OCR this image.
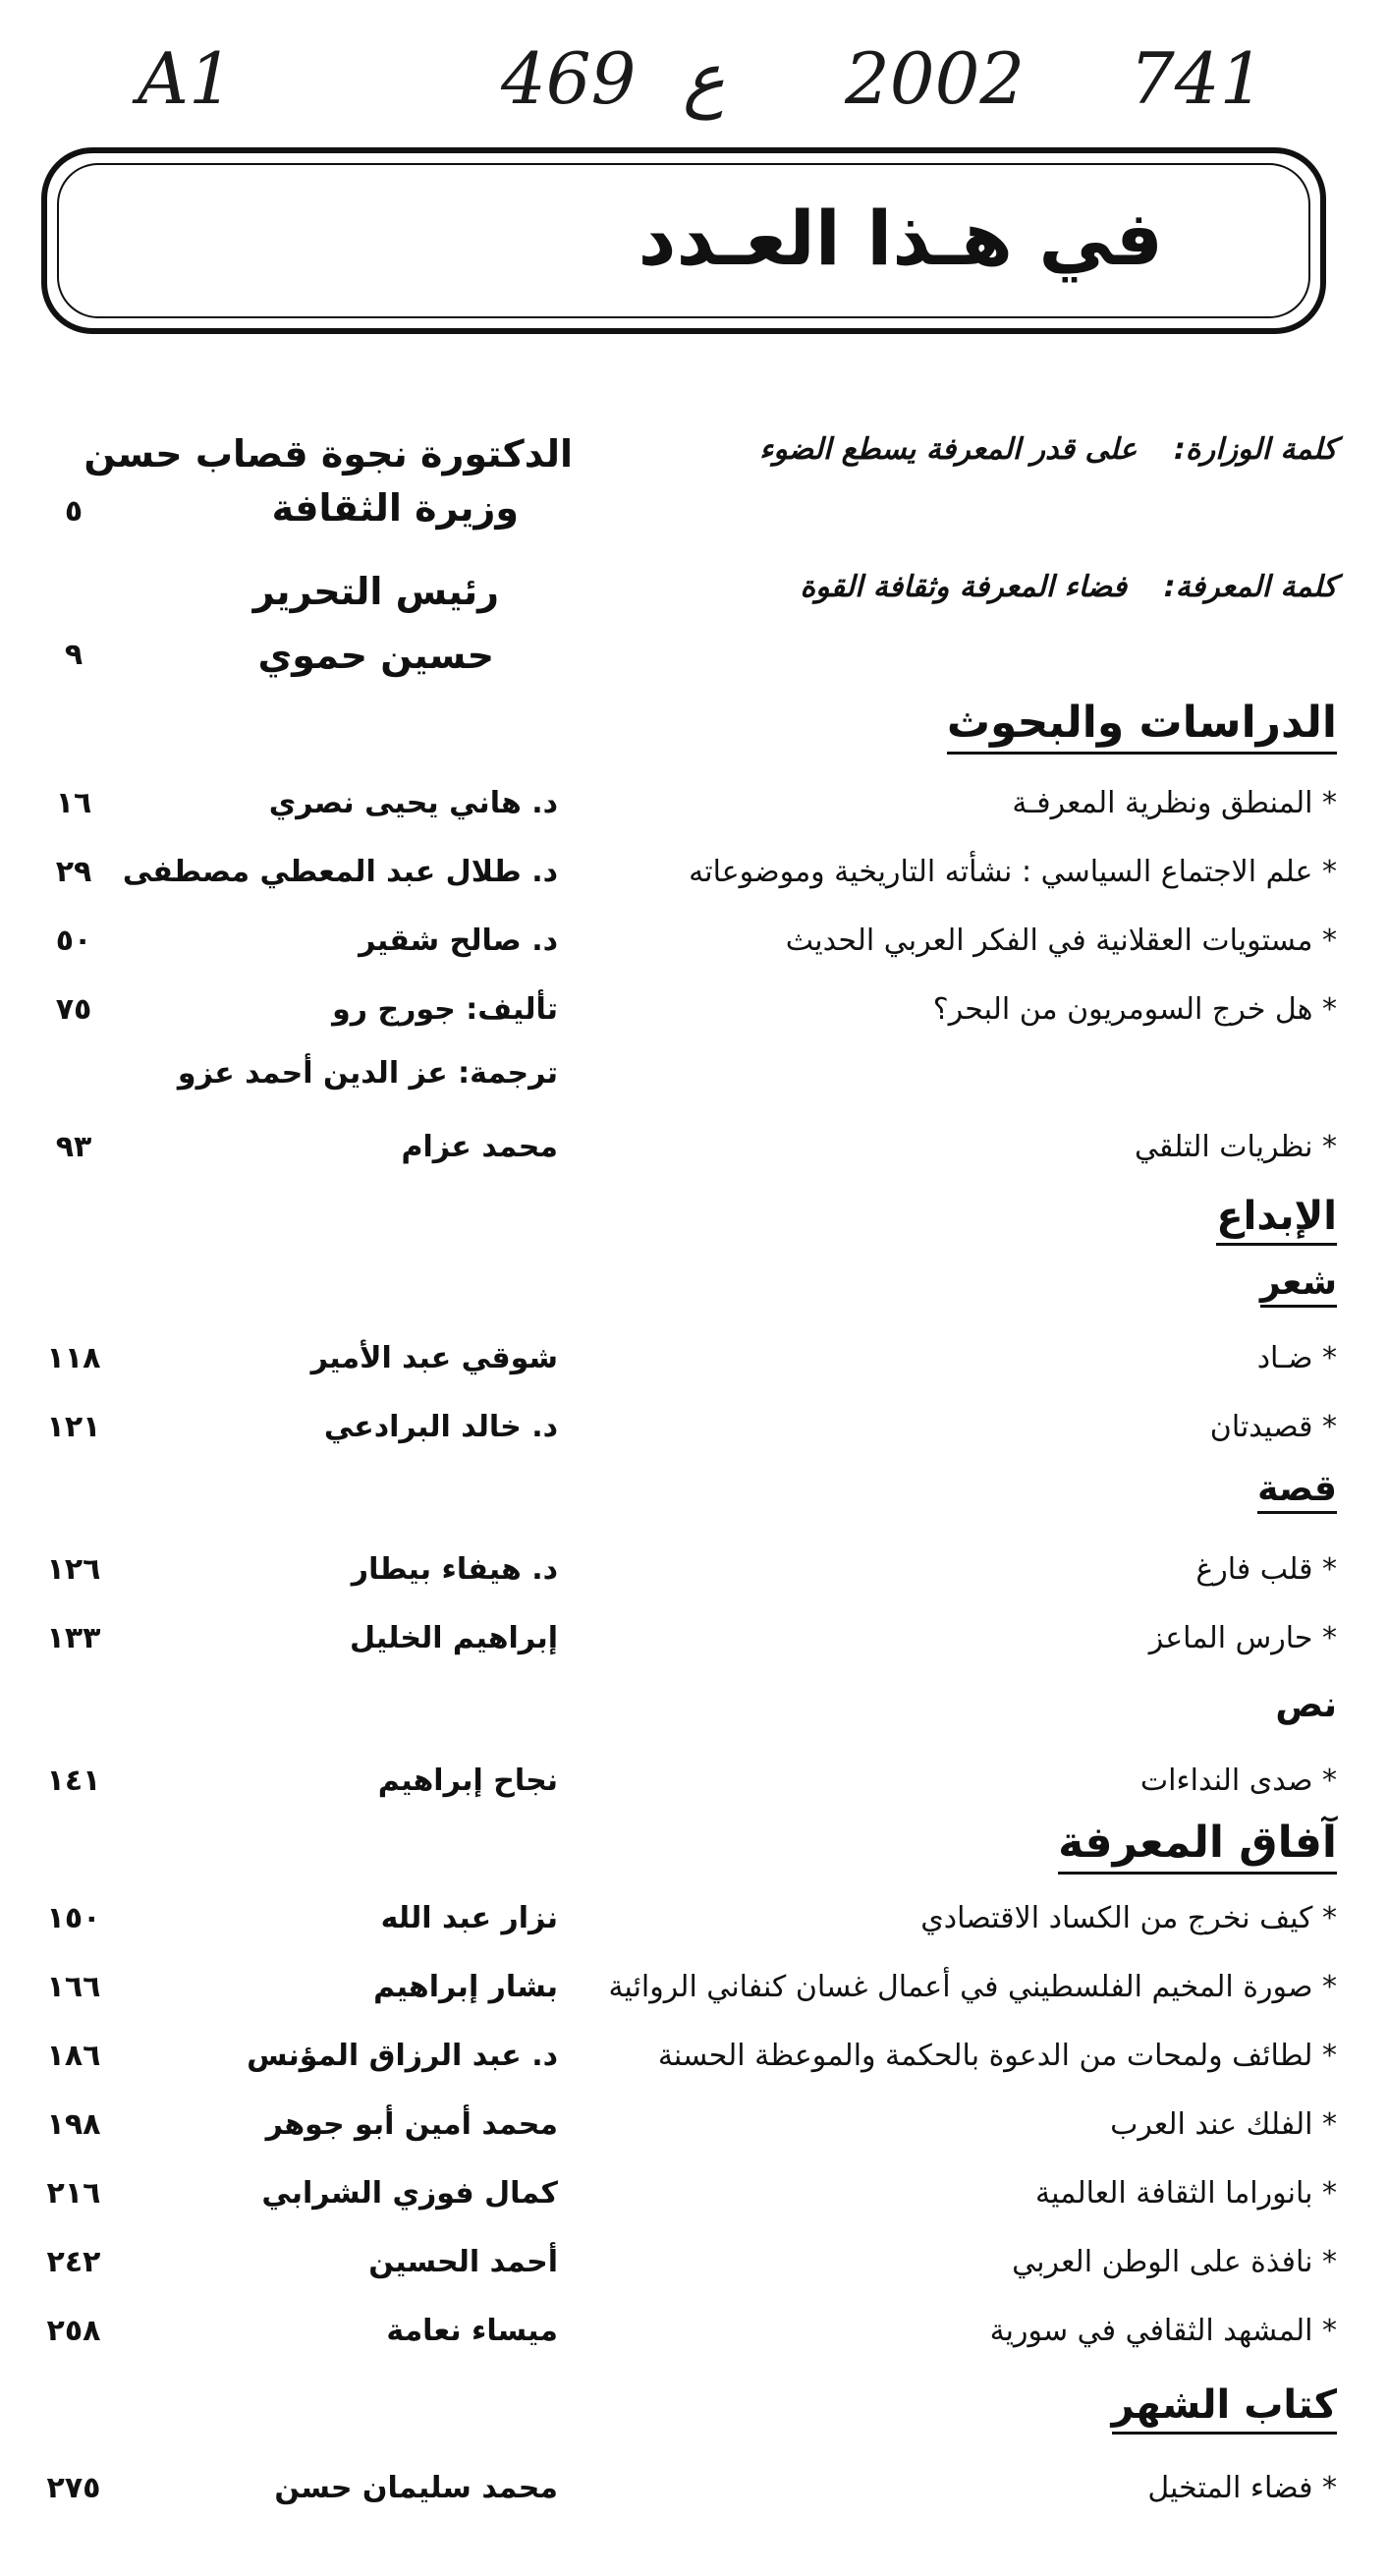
A1	469 ع 2002 741
في هـذا العـدد
كلمة الوزارة: على قدر المعرفة يسطع الضوء
الدكتورة نجوة قصاب حسن
وزيرة الثقافة
٥
كلمة المعرفة: فضاء المعرفة وثقافة القوة
رئيس التحرير
حسين حموي
٩
الدراسات والبحوث
* المنطق ونظرية المعرفـة
د. هاني يحيى نصري
١٦
* علم الاجتماع السياسي : نشأته التاريخية وموضوعاته
د. طلال عبد المعطي مصطفى
٢٩
* مستويات العقلانية في الفكر العربي الحديث
د. صالح شقير
٥٠
* هل خرج السومريون من البحر؟
تأليف: جورج رو
٧٥
ترجمة: عز الدين أحمد عزو
* نظريات التلقي
محمد عزام
٩٣
الإبداع
شعر
* ضـاد
شوقي عبد الأمير
١١٨
* قصيدتان
د. خالد البرادعي
١٢١
قصة
* قلب فارغ
د. هيفاء بيطار
١٢٦
* حارس الماعز
إبراهيم الخليل
١٣٣
نص
* صدى النداءات
نجاح إبراهيم
١٤١
آفاق المعرفة
* كيف نخرج من الكساد الاقتصادي
نزار عبد الله
١٥٠
* صورة المخيم الفلسطيني في أعمال غسان كنفاني الروائية
بشار إبراهيم
١٦٦
* لطائف ولمحات من الدعوة بالحكمة والموعظة الحسنة
د. عبد الرزاق المؤنس
١٨٦
* الفلك عند العرب
محمد أمين أبو جوهر
١٩٨
* بانوراما الثقافة العالمية
كمال فوزي الشرابي
٢١٦
* نافذة على الوطن العربي
أحمد الحسين
٢٤٢
* المشهد الثقافي في سورية
ميساء نعامة
٢٥٨
كتاب الشهر
* فضاء المتخيل
محمد سليمان حسن
٢٧٥
